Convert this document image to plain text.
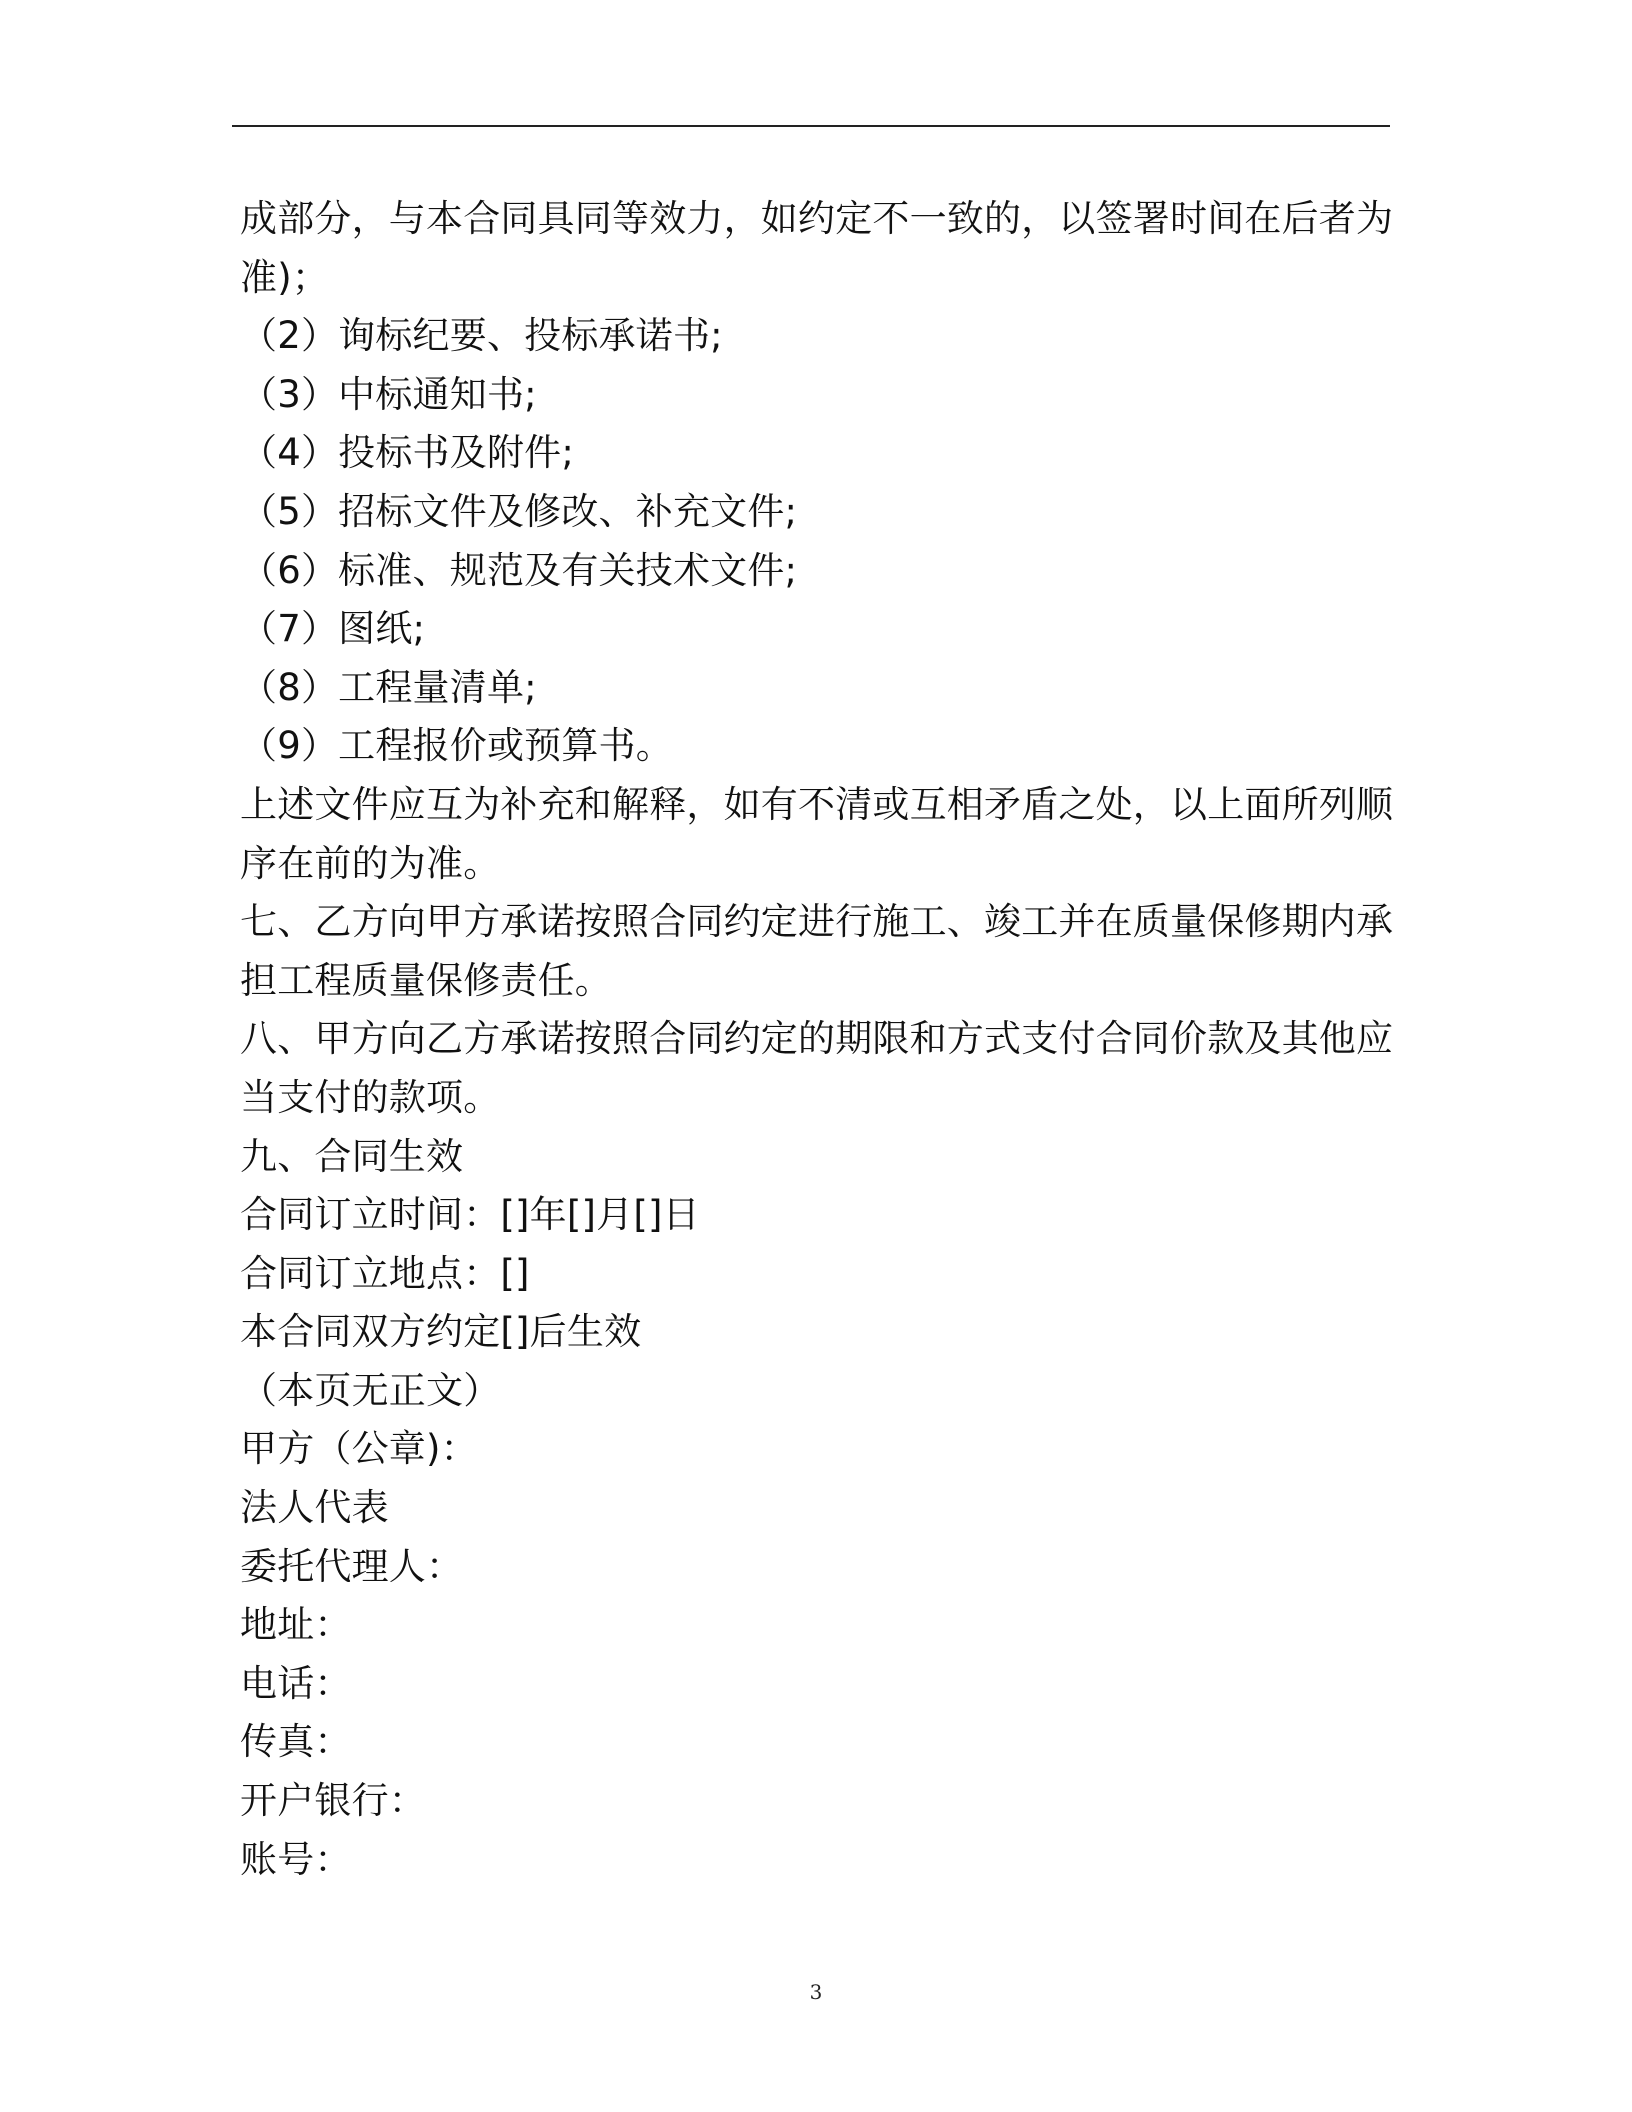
成部分，与本合同具同等效力，如约定不一致的，以签署时间在后者为
准)；
（2）询标纪要、投标承诺书;
（3）中标通知书;
（4）投标书及附件;
（5）招标文件及修改、补充文件;
（6）标准、规范及有关技术文件;
（7）图纸;
（8）工程量清单;
（9）工程报价或预算书。
上述文件应互为补充和解释，如有不清或互相矛盾之处，以上面所列顺
序在前的为准。
七、乙方向甲方承诺按照合同约定进行施工、竣工并在质量保修期内承
担工程质量保修责任。
八、甲方向乙方承诺按照合同约定的期限和方式支付合同价款及其他应
当支付的款项。
九、合同生效
合同订立时间：[]年[]月[]日
合同订立地点：[]
本合同双方约定[]后生效
（本页无正文）
甲方（公章)：
法人代表
委托代理人：
地址：
电话：
传真：
开户银行：
账号：
3
